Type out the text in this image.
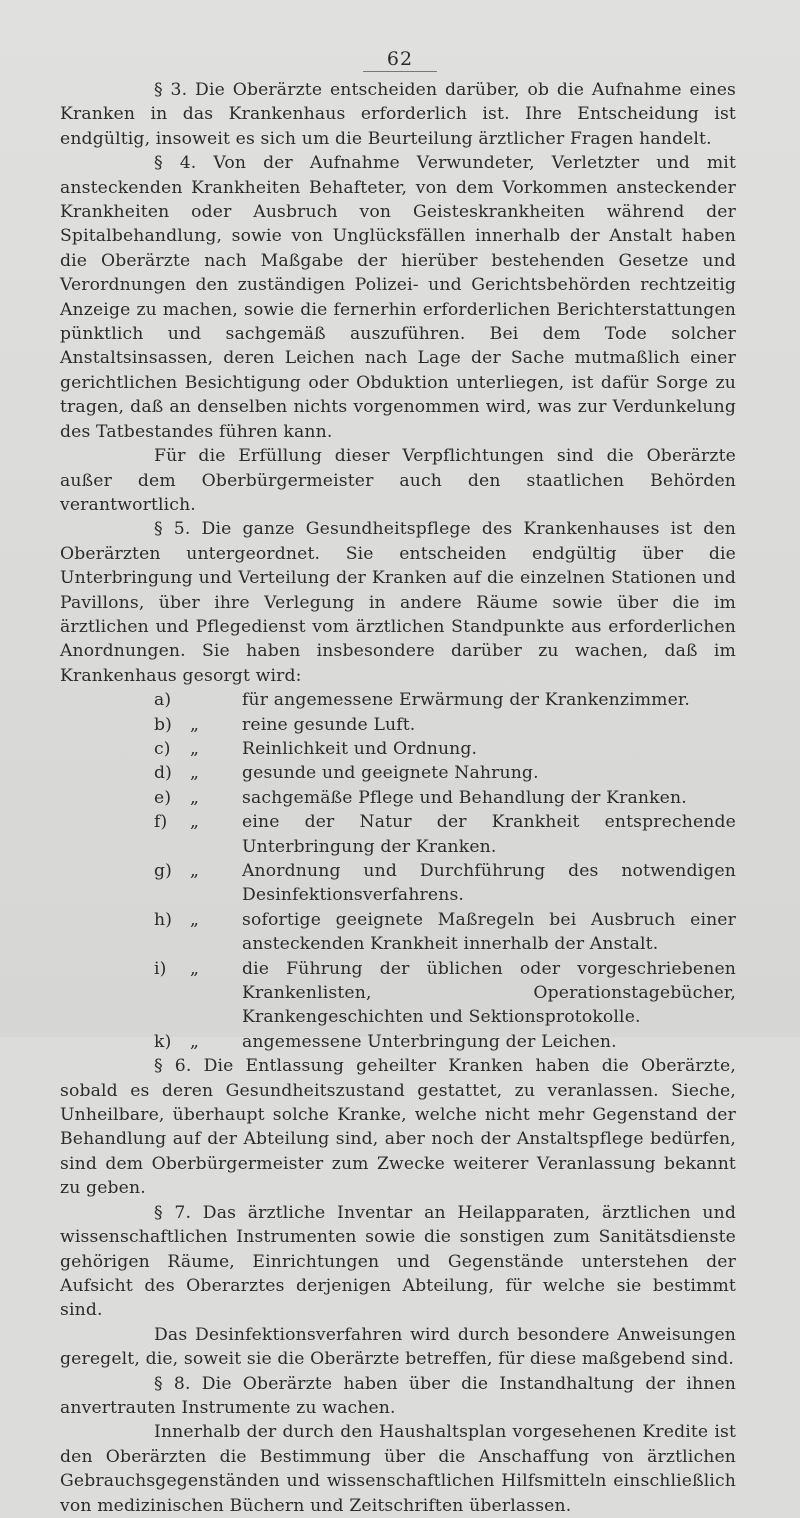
62

§ 3. Die Oberärzte entscheiden darüber, ob die Aufnahme eines Kranken in das Krankenhaus erforderlich ist. Ihre Entscheidung ist endgültig, insoweit es sich um die Beurteilung ärztlicher Fragen handelt.

§ 4. Von der Aufnahme Verwundeter, Verletzter und mit ansteckenden Krankheiten Behafteter, von dem Vorkommen ansteckender Krankheiten oder Ausbruch von Geisteskrankheiten während der Spitalbehandlung, sowie von Unglücksfällen innerhalb der Anstalt haben die Oberärzte nach Maßgabe der hierüber bestehenden Gesetze und Verordnungen den zuständigen Polizei- und Gerichtsbehörden rechtzeitig Anzeige zu machen, sowie die fernerhin erforderlichen Berichterstattungen pünktlich und sachgemäß auszuführen. Bei dem Tode solcher Anstaltsinsassen, deren Leichen nach Lage der Sache mutmaßlich einer gerichtlichen Besichtigung oder Obduktion unterliegen, ist dafür Sorge zu tragen, daß an denselben nichts vorgenommen wird, was zur Verdunkelung des Tatbestandes führen kann.

Für die Erfüllung dieser Verpflichtungen sind die Oberärzte außer dem Oberbürgermeister auch den staatlichen Behörden verantwortlich.

§ 5. Die ganze Gesundheitspflege des Krankenhauses ist den Oberärzten untergeordnet. Sie entscheiden endgültig über die Unterbringung und Verteilung der Kranken auf die einzelnen Stationen und Pavillons, über ihre Verlegung in andere Räume sowie über die im ärztlichen und Pflegedienst vom ärztlichen Standpunkte aus erforderlichen Anordnungen. Sie haben insbesondere darüber zu wachen, daß im Krankenhaus gesorgt wird:

a)	für angemessene Erwärmung der Krankenzimmer.
b)	„	reine gesunde Luft.
c)	„	Reinlichkeit und Ordnung.
d)	„	gesunde und geeignete Nahrung.
e)	„	sachgemäße Pflege und Behandlung der Kranken.
f)	„	eine der Natur der Krankheit entsprechende Unterbringung der Kranken.
g)	„	Anordnung und Durchführung des notwendigen Desinfektionsverfahrens.
h)	„	sofortige geeignete Maßregeln bei Ausbruch einer ansteckenden Krankheit innerhalb der Anstalt.
i)	„	die Führung der üblichen oder vorgeschriebenen Krankenlisten, Operationstagebücher, Krankengeschichten und Sektionsprotokolle.
k)	„	angemessene Unterbringung der Leichen.

§ 6. Die Entlassung geheilter Kranken haben die Oberärzte, sobald es deren Gesundheitszustand gestattet, zu veranlassen. Sieche, Unheilbare, überhaupt solche Kranke, welche nicht mehr Gegenstand der Behandlung auf der Abteilung sind, aber noch der Anstaltspflege bedürfen, sind dem Oberbürgermeister zum Zwecke weiterer Veranlassung bekannt zu geben.

§ 7. Das ärztliche Inventar an Heilapparaten, ärztlichen und wissenschaftlichen Instrumenten sowie die sonstigen zum Sanitätsdienste gehörigen Räume, Einrichtungen und Gegenstände unterstehen der Aufsicht des Oberarztes derjenigen Abteilung, für welche sie bestimmt sind.

Das Desinfektionsverfahren wird durch besondere Anweisungen geregelt, die, soweit sie die Oberärzte betreffen, für diese maßgebend sind.

§ 8. Die Oberärzte haben über die Instandhaltung der ihnen anvertrauten Instrumente zu wachen.

Innerhalb der durch den Haushaltsplan vorgesehenen Kredite ist den Oberärzten die Bestimmung über die Anschaffung von ärztlichen Gebrauchsgegenständen und wissenschaftlichen Hilfsmitteln einschließlich von medizinischen Büchern und Zeitschriften überlassen.
